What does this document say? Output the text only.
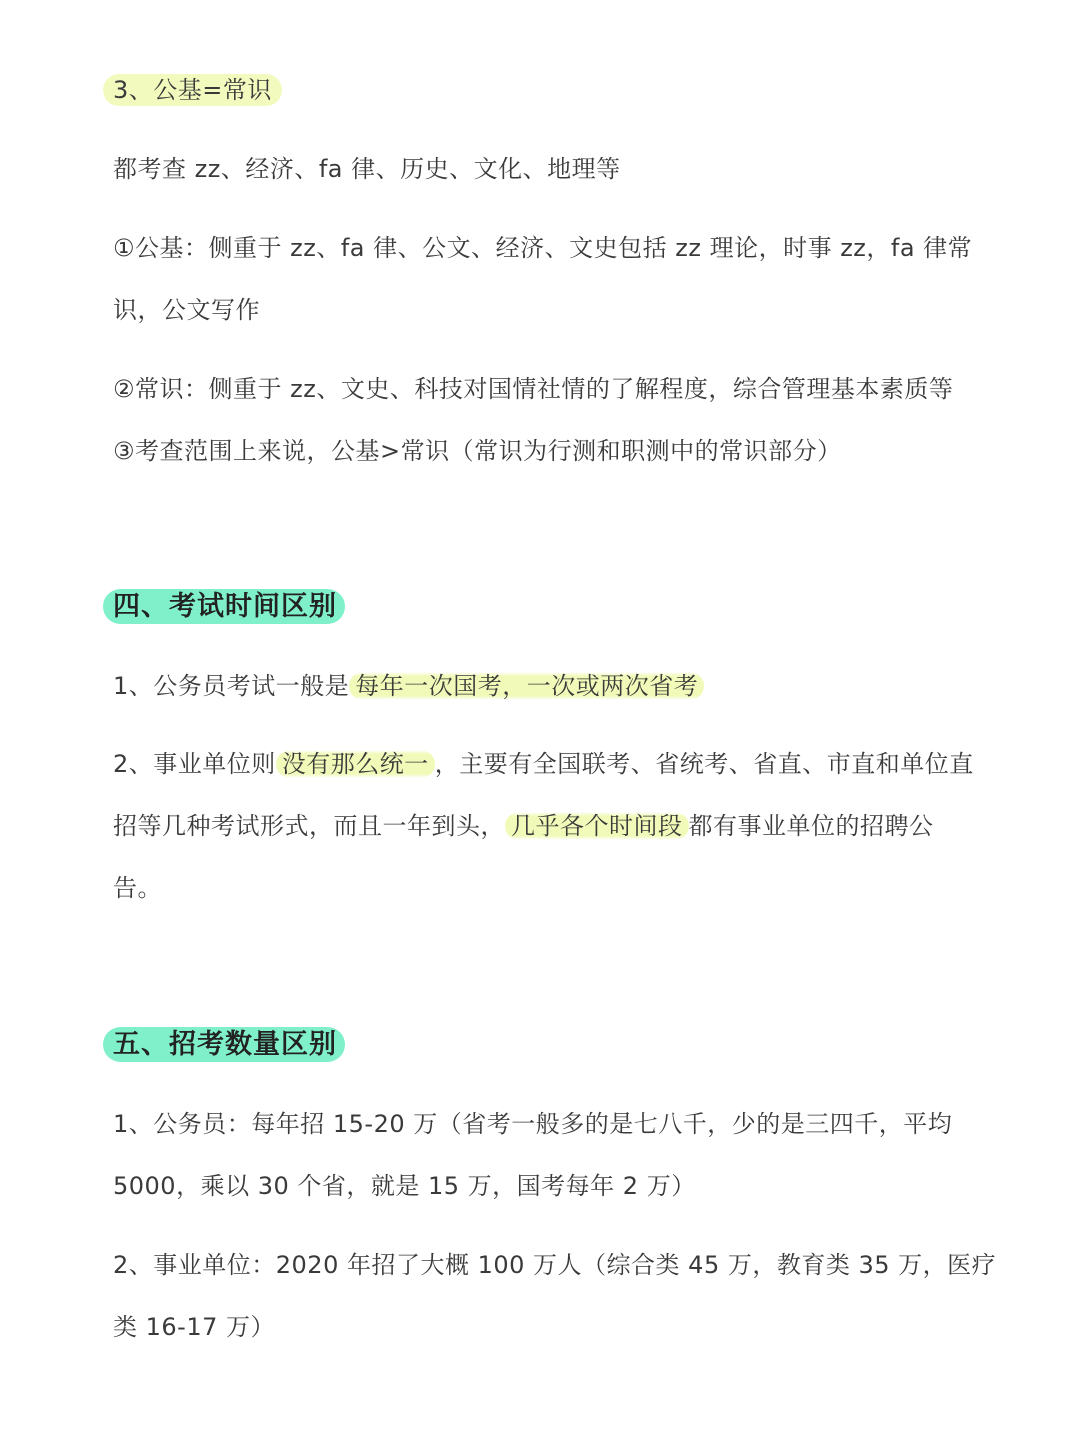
3、公基=常识

都考查 zz、经济、fa 律、历史、文化、地理等

①公基：侧重于 zz、fa 律、公文、经济、文史包括 zz 理论，时事 zz，fa 律常

识，公文写作

②常识：侧重于 zz、文史、科技对国情社情的了解程度，综合管理基本素质等

③考查范围上来说，公基>常识（常识为行测和职测中的常识部分）

四、考试时间区别

1、公务员考试一般是 每年一次国考，一次或两次省考

2、事业单位则 没有那么统一 ，主要有全国联考、省统考、省直、市直和单位直

招等几种考试形式，而且一年到头， 几乎各个时间段 都有事业单位的招聘公

告。

五、招考数量区别

1、公务员：每年招 15-20 万（省考一般多的是七八千，少的是三四千，平均

5000，乘以 30 个省，就是 15 万，国考每年 2 万）

2、事业单位：2020 年招了大概 100 万人（综合类 45 万，教育类 35 万，医疗

类 16-17 万）
